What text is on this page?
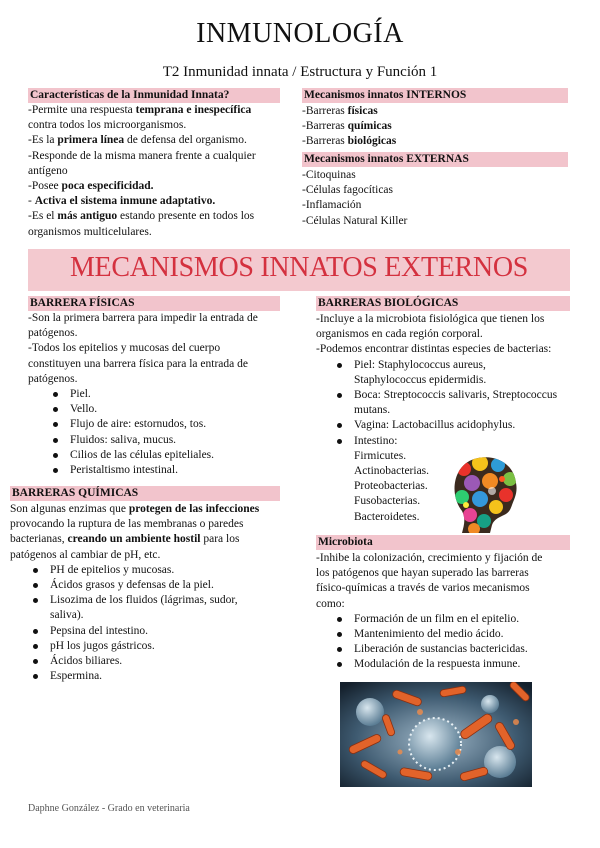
INMUNOLOGÍA
T2 Inmunidad innata / Estructura y Función 1
Características de la Inmunidad Innata?

-Permite una respuesta temprana e inespecífica

contra todos los microorganismos.

-Es la primera línea de defensa del organismo.

-Responde de la misma manera frente a cualquier

antígeno

-Posee poca especificidad.

- Activa el sistema inmune adaptativo.

-Es el más antiguo estando presente en todos los

organismos multicelulares.

Mecanismos innatos INTERNOS

-Barreras físicas

-Barreras químicas

-Barreras biológicas

Mecanismos innatos EXTERNAS

-Citoquinas

-Células fagocíticas

-Inflamación

-Células Natural Killer

MECANISMOS INNATOS EXTERNOS
BARRERA FÍSICAS

-Son la primera barrera para impedir la entrada de

patógenos.

-Todos los epitelios y mucosas del cuerpo

constituyen una barrera física para la entrada de

patógenos.

Piel.
Vello.
Flujo de aire: estornudos, tos.
Fluidos: saliva, mucus.
Cilios de las células epiteliales.
Peristaltismo intestinal.
BARRERAS QUÍMICAS

Son algunas enzimas que protegen de las infecciones

provocando la ruptura de las membranas o paredes

bacterianas, creando un ambiente hostil para los

patógenos al cambiar de pH, etc.

PH de epitelios y mucosas.
Ácidos grasos y defensas de la piel.
Lisozima de los fluidos (lágrimas, sudor,
saliva).
Pepsina del intestino.
pH los jugos gástricos.
Ácidos biliares.
Espermina.
BARRERAS BIOLÓGICAS

-Incluye a la microbiota fisiológica que tienen los

organismos en cada región corporal.

-Podemos encontrar distintas especies de bacterias:

Piel: Staphylococcus aureus,
Staphylococcus epidermidis.
Boca: Streptococcis salivaris, Streptococcus
mutans.
Vagina: Lactobacillus acidophylus.
Intestino:

Firmicutes.

Actinobacterias.

Proteobacterias.

Fusobacterias.

Bacteroidetes.

Microbiota

-Inhibe la colonización, crecimiento y fijación de

los patógenos que hayan superado las barreras

físico-químicas a través de varios mecanismos

como:

Formación de un film en el epitelio.
Mantenimiento del medio ácido.
Liberación de sustancias bactericidas.
Modulación de la respuesta inmune.
Daphne González - Grado en veterinaria
